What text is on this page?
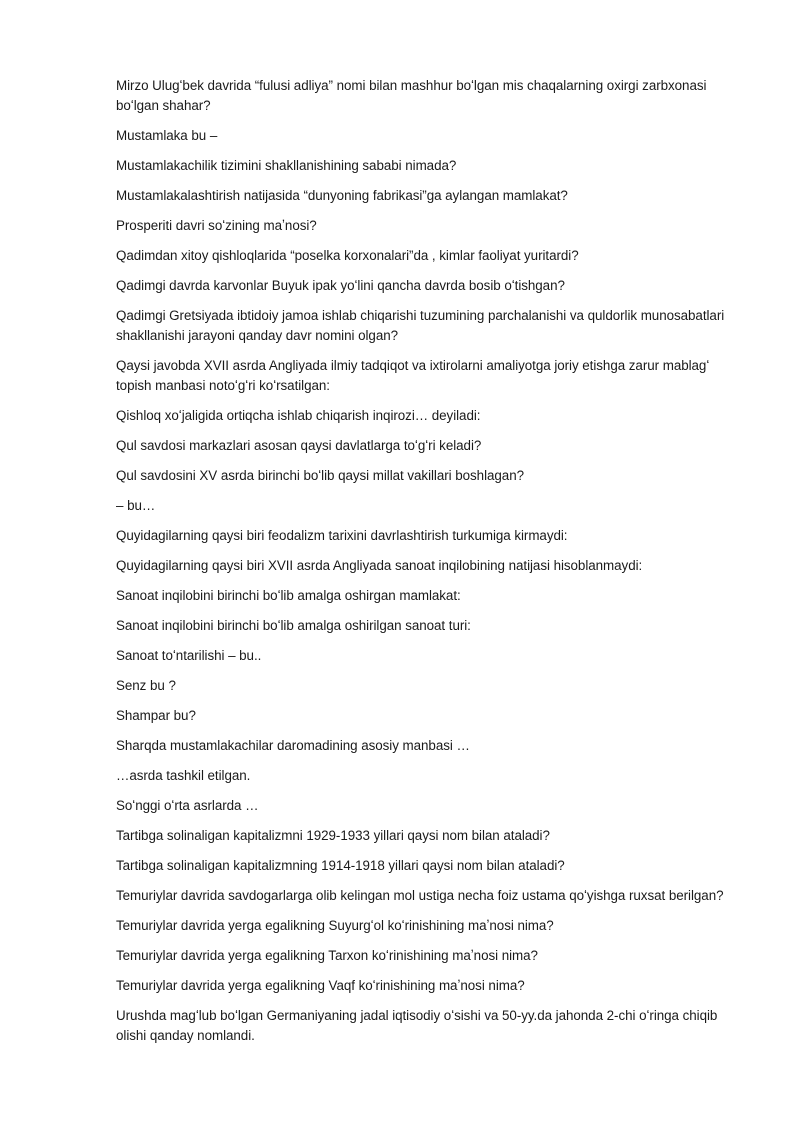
Mirzo Ulugʻbek davrida “fulusi adliya” nomi bilan mashhur boʻlgan mis chaqalarning oxirgi zarbxonasi boʻlgan shahar?

Mustamlaka bu –

Mustamlakachilik tizimini shakllanishining sababi nimada?

Mustamlakalashtirish natijasida “dunyoning fabrikasi”ga aylangan mamlakat?

Prosperiti davri soʻzining maʼnosi?

Qadimdan xitoy qishloqlarida “poselka korxonalari”da , kimlar faoliyat yuritardi?

Qadimgi davrda karvonlar Buyuk ipak yoʻlini qancha davrda bosib oʻtishgan?

Qadimgi Gretsiyada ibtidoiy jamoa ishlab chiqarishi tuzumining parchalanishi va quldorlik munosabatlari shakllanishi jarayoni qanday davr nomini olgan?

Qaysi javobda XVII asrda Angliyada ilmiy tadqiqot va ixtirolarni amaliyotga joriy etishga zarur mablagʻ topish manbasi notoʻgʻri koʻrsatilgan:

Qishloq xoʻjaligida ortiqcha ishlab chiqarish inqirozi… deyiladi:

Qul savdosi markazlari asosan qaysi davlatlarga toʻgʻri keladi?

Qul savdosini XV asrda birinchi boʻlib qaysi millat vakillari boshlagan?

– bu…

Quyidagilarning qaysi biri feodalizm tarixini davrlashtirish turkumiga kirmaydi:

Quyidagilarning qaysi biri XVII asrda Angliyada sanoat inqilobining natijasi hisoblanmaydi:

Sanoat inqilobini birinchi boʻlib amalga oshirgan mamlakat:

Sanoat inqilobini birinchi boʻlib amalga oshirilgan sanoat turi:

Sanoat toʻntarilishi – bu..

Senz bu ?

Shampar bu?

Sharqda mustamlakachilar daromadining asosiy manbasi …

…asrda tashkil etilgan.

Soʻnggi oʻrta asrlarda …

Tartibga solinaligan kapitalizmni 1929-1933 yillari qaysi nom bilan ataladi?

Tartibga solinaligan kapitalizmning 1914-1918 yillari qaysi nom bilan ataladi?

Temuriylar davrida savdogarlarga olib kelingan mol ustiga necha foiz ustama qoʻyishga ruxsat berilgan?

Temuriylar davrida yerga egalikning Suyurgʻol koʻrinishining maʼnosi nima?

Temuriylar davrida yerga egalikning Tarxon koʻrinishining maʼnosi nima?

Temuriylar davrida yerga egalikning Vaqf koʻrinishining maʼnosi nima?

Urushda magʻlub boʻlgan Germaniyaning jadal iqtisodiy oʻsishi va 50-yy.da jahonda 2-chi oʻringa chiqib olishi qanday nomlandi.
